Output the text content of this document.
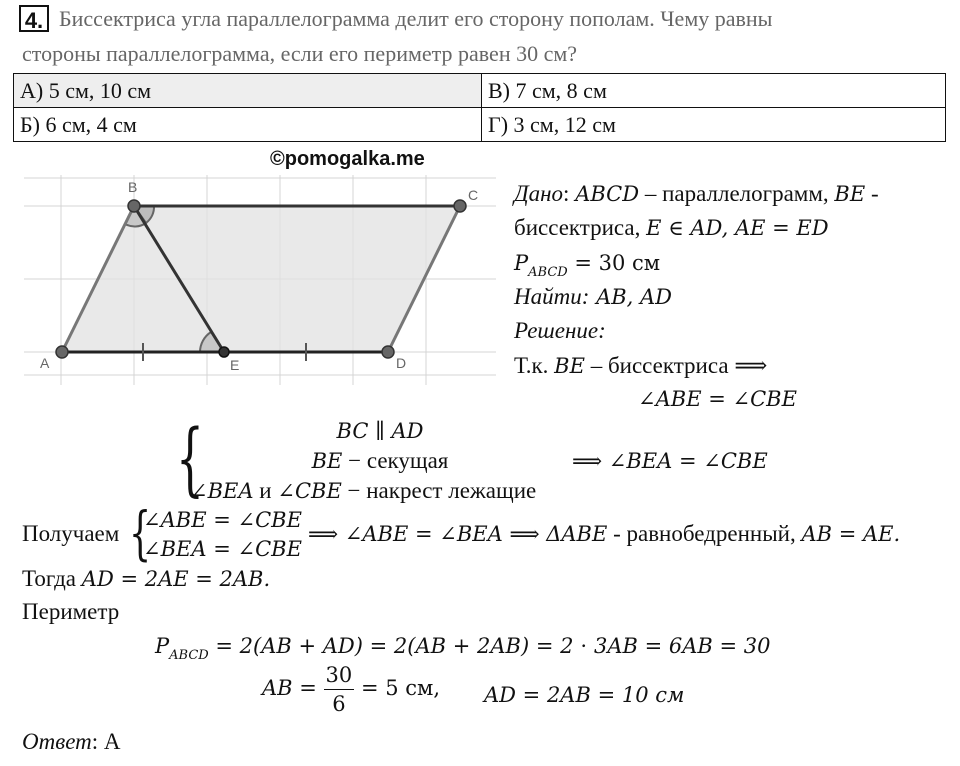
4. Биссектриса угла параллелограмма делит его сторону пополам. Чему равны
стороны параллелограмма, если его периметр равен 30 см?
А) 5 см, 10 см	В) 7 см, 8 см
Б) 6 см, 4 см	Г) 3 см, 12 см
©pomogalka.me
A
B	C
D
E
Дано: ABCD – параллелограмм, BE -
биссектриса, E ∈ AD, AE = ED
$P_{ABCD} = 30$ см
Найти: AB, AD
Решение:
Т.к. BE – биссектриса ⟹
∠ABE = ∠CBE
{	BC ∥ AD
BE − секущая
∠BEA и ∠CBE − накрест лежащие
⟹ ∠BEA = ∠CBE
Получаем {
∠ABE = ∠CBE
∠BEA = ∠CBE
⟹ ∠ABE = ∠BEA ⟹ ΔABE - равнобедренный, AB = AE.
Тогда AD = 2AE = 2AB.
Периметр
$P_{ABCD} = 2(AB + AD) = 2(AB + 2AB) = 2 \cdot 3AB = 6AB = 30$
AB = $\frac{30}{6} = 5$ см, AD = 2AB = 10 см
Ответ: А
